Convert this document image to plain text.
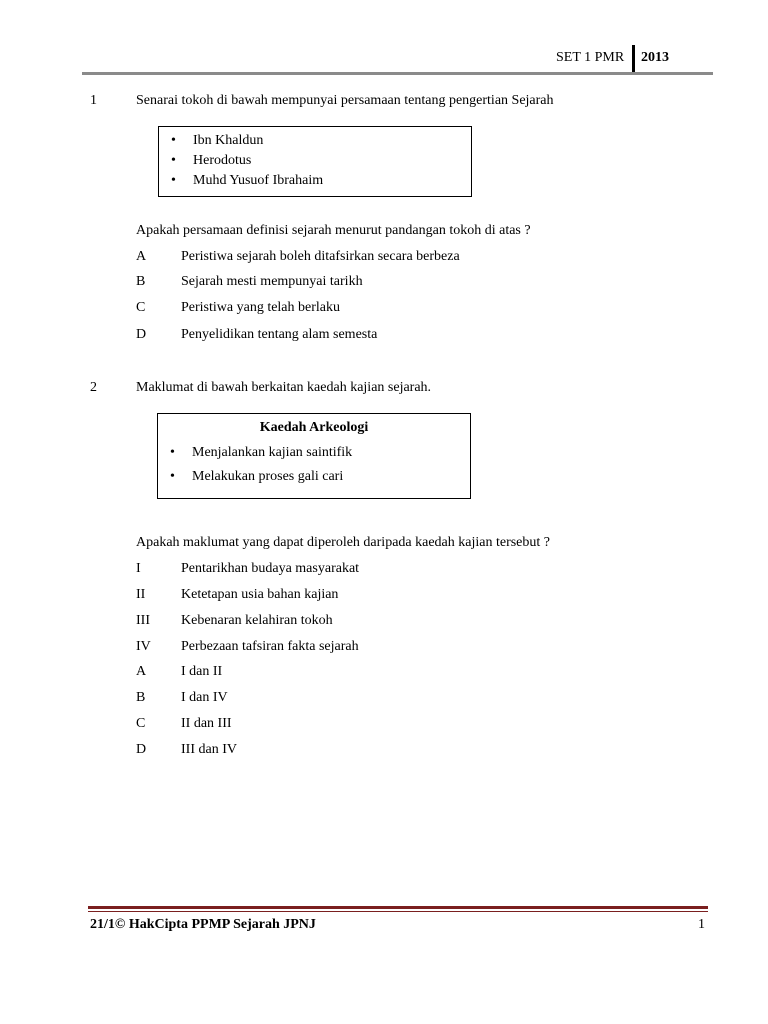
SET 1 PMR 2013
1	Senarai tokoh di bawah mempunyai persamaan tentang pengertian Sejarah
• Ibn Khaldun
• Herodotus
• Muhd Yusuof Ibrahaim
Apakah persamaan definisi sejarah menurut pandangan tokoh di atas ?
A Peristiwa sejarah boleh ditafsirkan secara berbeza
B	Sejarah mesti mempunyai tarikh
C	Peristiwa yang telah berlaku
D Penyelidikan tentang alam semesta
2	Maklumat di bawah berkaitan kaedah kajian sejarah.
Kaedah Arkeologi
• Menjalankan kajian saintifik
• Melakukan proses gali cari
Apakah maklumat yang dapat diperoleh daripada kaedah kajian tersebut ?
I	Pentarikhan budaya masyarakat
II	Ketetapan usia bahan kajian
III Kebenaran kelahiran tokoh
IV Perbezaan tafsiran fakta sejarah
A I dan II
B	I dan IV
C	II dan III
D III dan IV
21/1© HakCipta PPMP Sejarah JPNJ	1
